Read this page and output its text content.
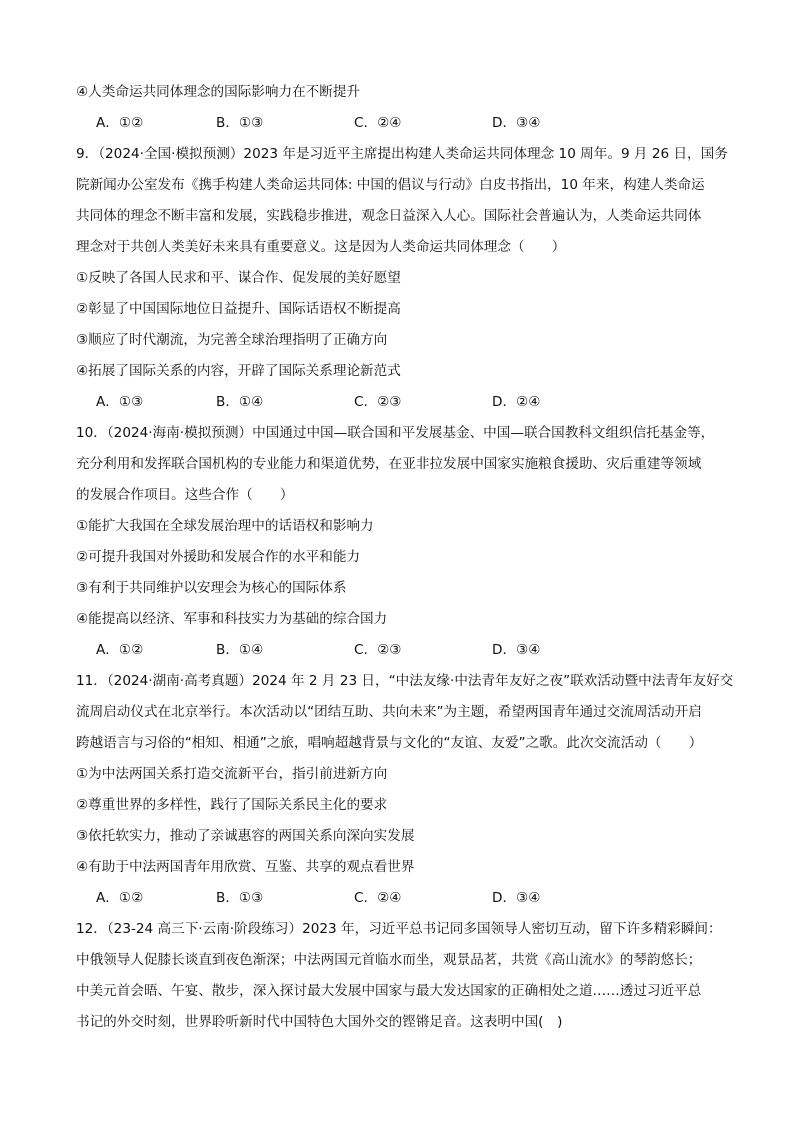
④人类命运共同体理念的国际影响力在不断提升
A．①②	B．①③	C．②④	D．③④
9．（2024·全国·模拟预测）2023 年是习近平主席提出构建人类命运共同体理念 10 周年。9 月 26 日，国务
院新闻办公室发布《携手构建人类命运共同体: 中国的倡议与行动》白皮书指出，10 年来，构建人类命运
共同体的理念不断丰富和发展，实践稳步推进，观念日益深入人心。国际社会普遍认为，人类命运共同体
理念对于共创人类美好未来具有重要意义。这是因为人类命运共同体理念（　　）
①反映了各国人民求和平、谋合作、促发展的美好愿望
②彰显了中国国际地位日益提升、国际话语权不断提高
③顺应了时代潮流，为完善全球治理指明了正确方向
④拓展了国际关系的内容，开辟了国际关系理论新范式
A．①③	B．①④	C．②③	D．②④
10．（2024·海南·模拟预测）中国通过中国—联合国和平发展基金、中国—联合国教科文组织信托基金等，
充分利用和发挥联合国机构的专业能力和渠道优势，在亚非拉发展中国家实施粮食援助、灾后重建等领域
的发展合作项目。这些合作（　　）
①能扩大我国在全球发展治理中的话语权和影响力
②可提升我国对外援助和发展合作的水平和能力
③有利于共同维护以安理会为核心的国际体系
④能提高以经济、军事和科技实力为基础的综合国力
A．①②	B．①④	C．②③	D．③④
11．（2024·湖南·高考真题）2024 年 2 月 23 日，“中法友缘·中法青年友好之夜”联欢活动暨中法青年友好交
流周启动仪式在北京举行。本次活动以“团结互助、共向未来”为主题，希望两国青年通过交流周活动开启
跨越语言与习俗的“相知、相通”之旅，唱响超越背景与文化的“友谊、友爱”之歌。此次交流活动（　　）
①为中法两国关系打造交流新平台，指引前进新方向
②尊重世界的多样性，践行了国际关系民主化的要求
③依托软实力，推动了亲诚惠容的两国关系向深向实发展
④有助于中法两国青年用欣赏、互鉴、共享的观点看世界
A．①②	B．①③	C．②④	D．③④
12．（23-24 高三下·云南·阶段练习）2023 年，习近平总书记同多国领导人密切互动，留下许多精彩瞬间：
中俄领导人促膝长谈直到夜色渐深；中法两国元首临水而坐，观景品茗，共赏《高山流水》的琴韵悠长；
中美元首会晤、午宴、散步，深入探讨最大发展中国家与最大发达国家的正确相处之道……透过习近平总
书记的外交时刻，世界聆听新时代中国特色大国外交的铿锵足音。这表明中国(　)
